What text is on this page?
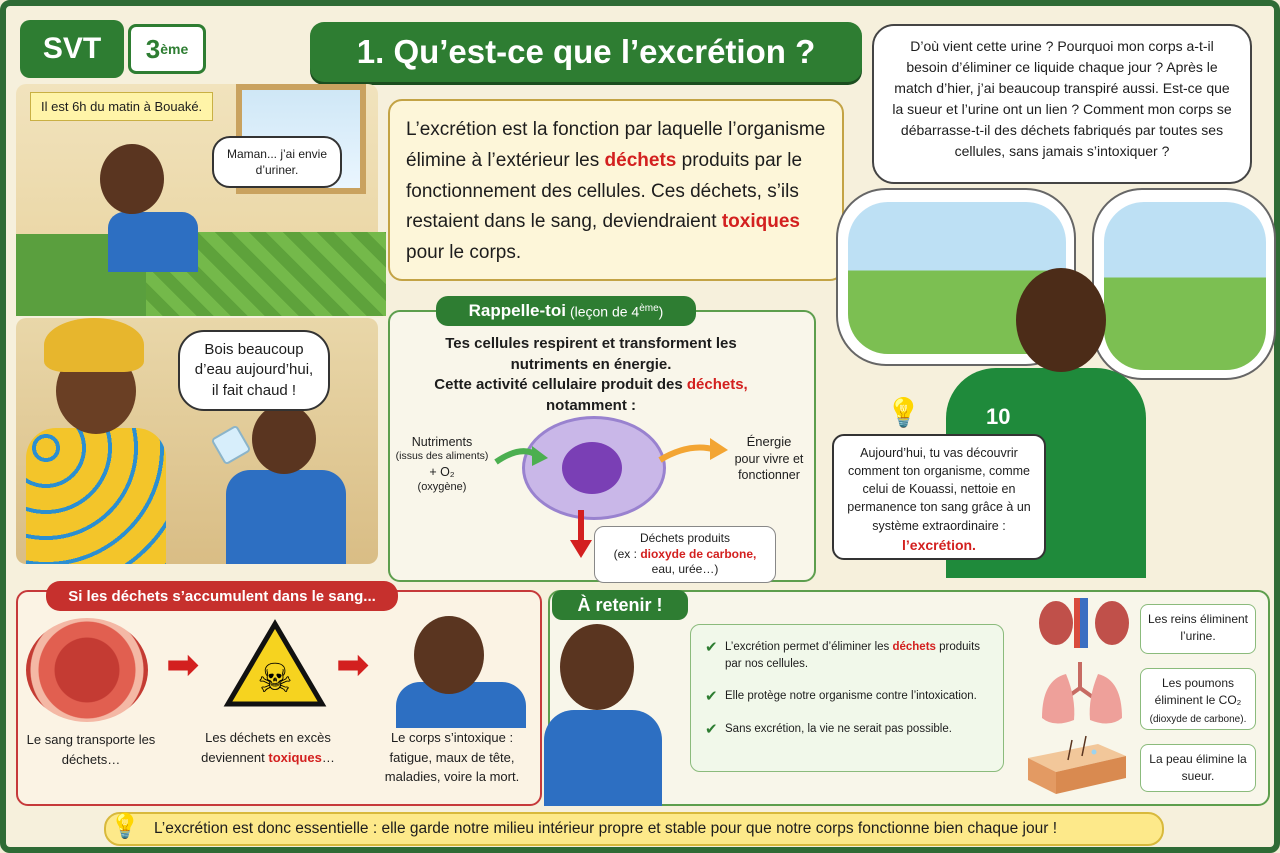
SVT 3 ème	1. Qu’est-ce que l’excrétion ?
Il est 6h du matin à Bouaké.
Maman... j’ai envie d’uriner.
Bois beaucoup d’eau aujourd’hui, il fait chaud !
L’excrétion est la fonction par laquelle l’organisme élimine à l’extérieur les déchets produits par le fonctionnement des cellules. Ces déchets, s’ils restaient dans le sang, deviendraient toxiques pour le corps.
Rappelle-toi (leçon de 4ème)
Tes cellules respirent et transforment les nutriments en énergie.
Cette activité cellulaire produit des déchets, notamment :
Nutriments
(issus des aliments)
+ O₂
(oxygène)
Énergie
pour vivre et fonctionner
Déchets produits
(ex : dioxyde de carbone,
eau, urée…)
D’où vient cette urine ? Pourquoi mon corps a-t-il besoin d’éliminer ce liquide chaque jour ? Après le match d’hier, j’ai beaucoup transpiré aussi. Est-ce que la sueur et l’urine ont un lien ? Comment mon corps se débarrasse-t-il des déchets fabriqués par toutes ses cellules, sans jamais s’intoxiquer ?
10
💡
Aujourd’hui, tu vas découvrir comment ton organisme, comme celui de Kouassi, nettoie en permanence ton sang grâce à un système extraordinaire :
l’excrétion.
Si les déchets s’accumulent dans le sang...
➡ ☠ ➡
Le sang transporte les déchets…
Les déchets en excès deviennent toxiques…
Le corps s’intoxique : fatigue, maux de tête, maladies, voire la mort.
À retenir !
✔ L’excrétion permet d’éliminer les déchets produits par nos cellules.
✔ Elle protège notre organisme contre l’intoxication.
✔ Sans excrétion, la vie ne serait pas possible.
Les reins éliminent l’urine.
Les poumons éliminent le CO₂
(dioxyde de carbone).
La peau élimine la sueur.
L’excrétion est donc essentielle : elle garde notre milieu intérieur propre et stable pour que notre corps fonctionne bien chaque jour !
💡
